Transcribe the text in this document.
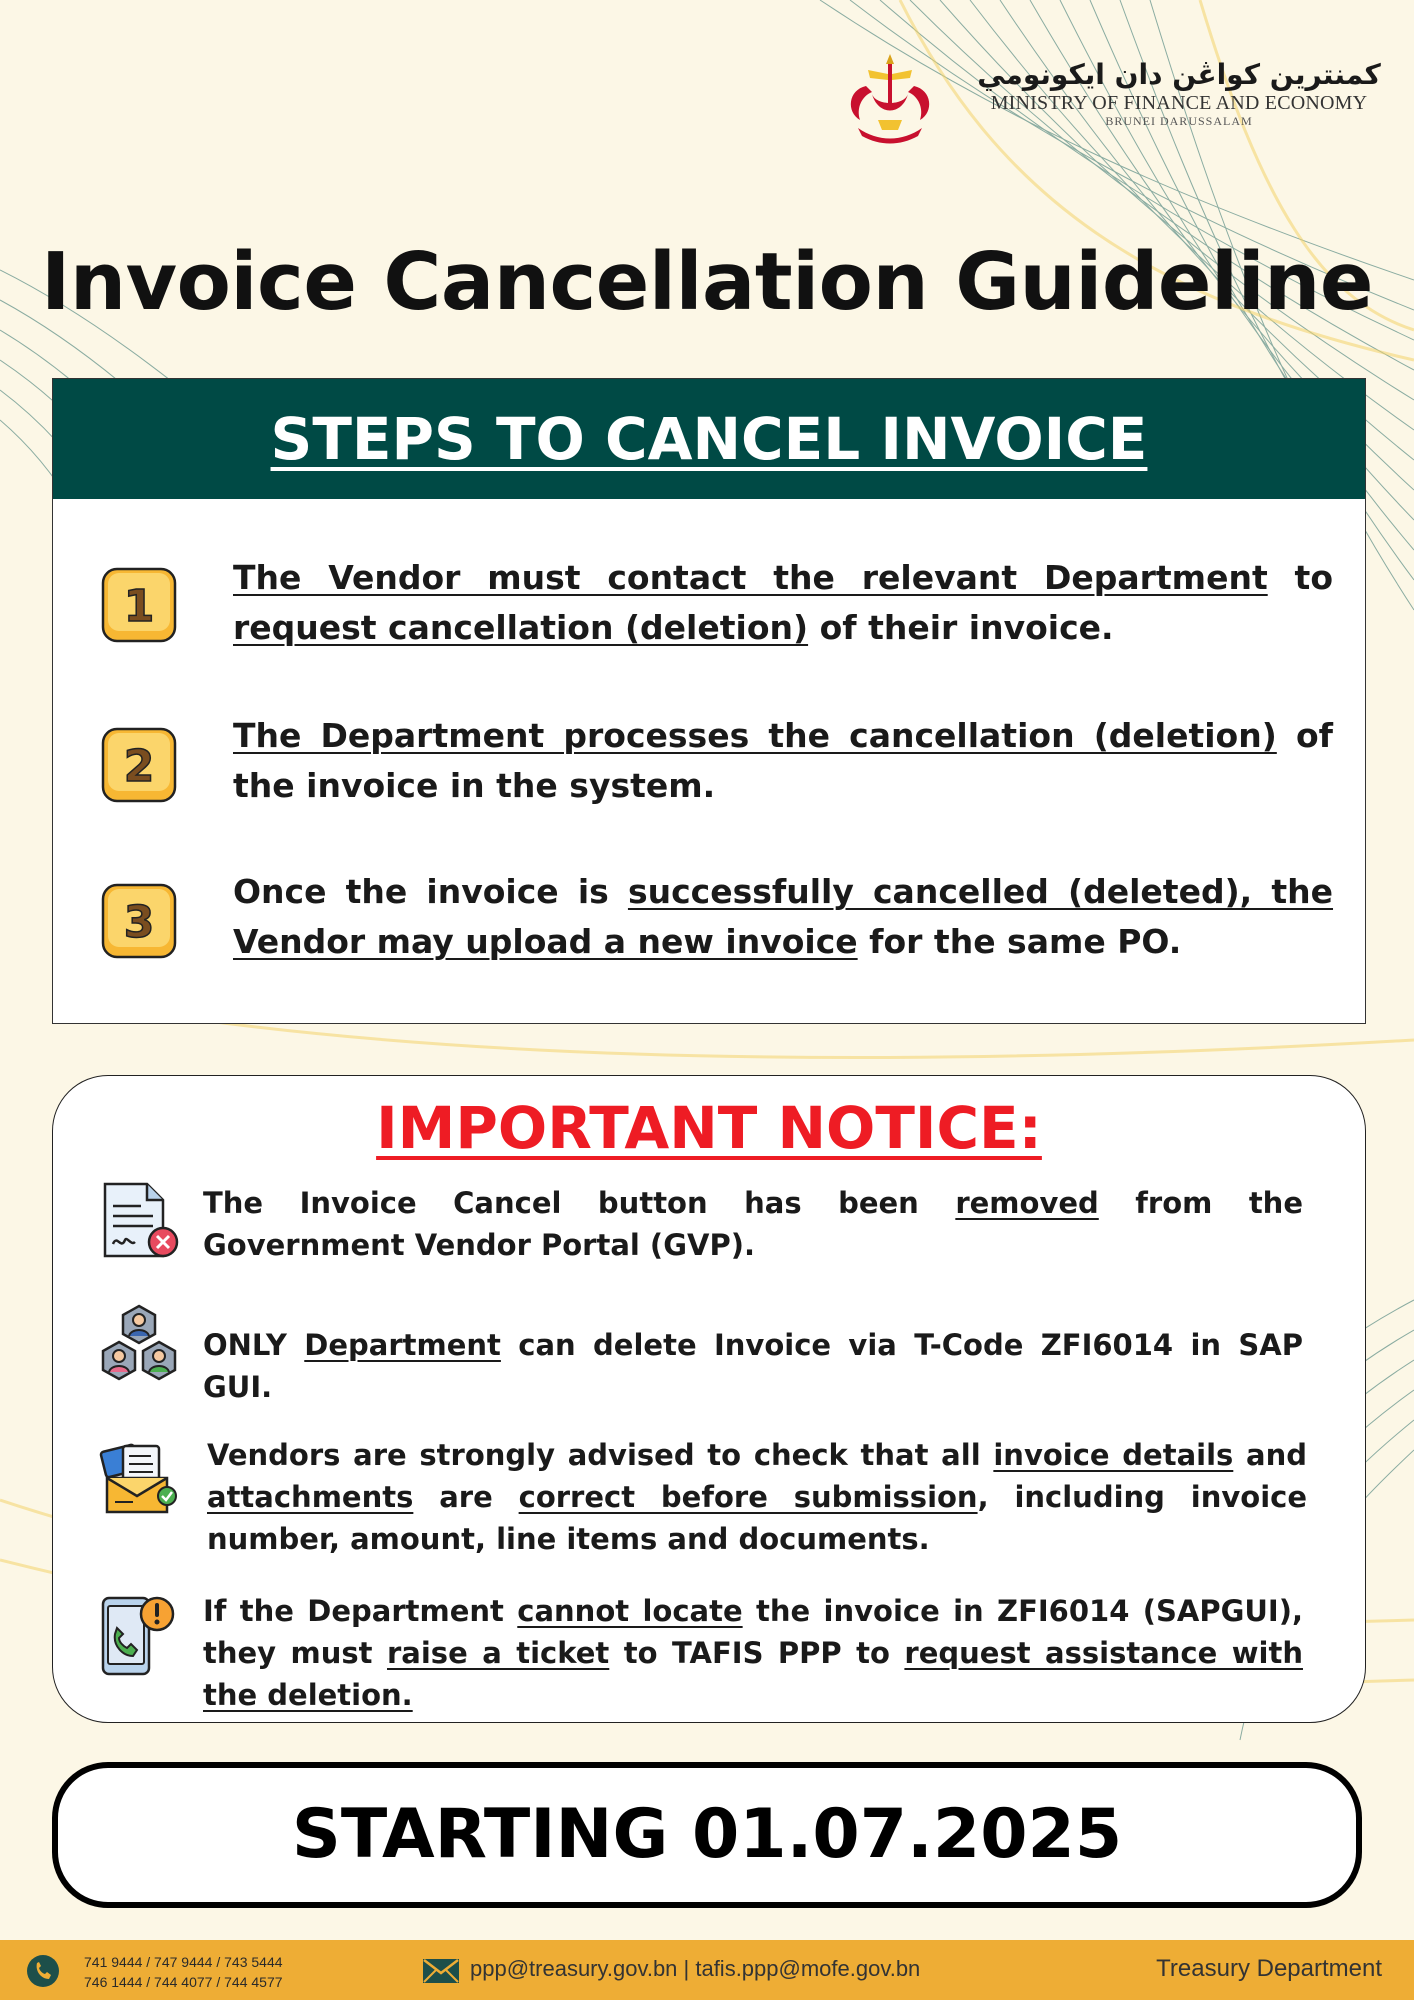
كمنترين كواڠن دان ايكونومي
MINISTRY OF FINANCE AND ECONOMY
BRUNEI DARUSSALAM
Invoice Cancellation Guideline
STEPS TO CANCEL INVOICE
1
The Vendor must contact the relevant Department to request cancellation (deletion) of their invoice.
2
The Department processes the cancellation (deletion) of the invoice in the system.
3
Once the invoice is successfully cancelled (deleted), the Vendor may upload a new invoice for the same PO.
IMPORTANT NOTICE:
The Invoice Cancel button has been removed from the Government Vendor Portal (GVP).
ONLY Department can delete Invoice via T-Code ZFI6014 in SAP GUI.
Vendors are strongly advised to check that all invoice details and attachments are correct before submission, including invoice number, amount, line items and documents.
If the Department cannot locate the invoice in ZFI6014 (SAPGUI), they must raise a ticket to TAFIS PPP to request assistance with the deletion.
STARTING 01.07.2025
741 9444 / 747 9444 / 743 5444
746 1444 / 744 4077 / 744 4577
ppp@treasury.gov.bn | tafis.ppp@mofe.gov.bn	Treasury Department
